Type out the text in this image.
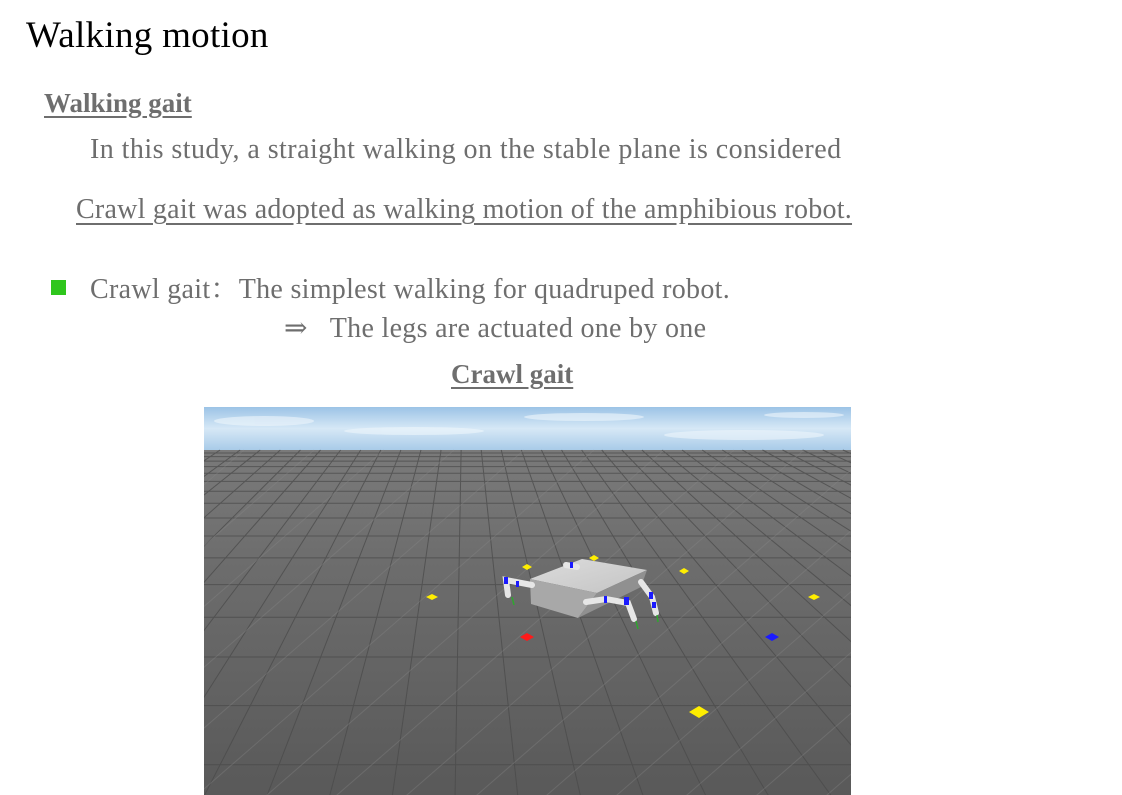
Walking motion
Walking gait
In this study, a straight walking on the stable plane is considered
Crawl gait was adopted as walking motion of the amphibious robot.
Crawl gait：The simplest walking for quadruped robot.
⇒ The legs are actuated one by one
Crawl gait
